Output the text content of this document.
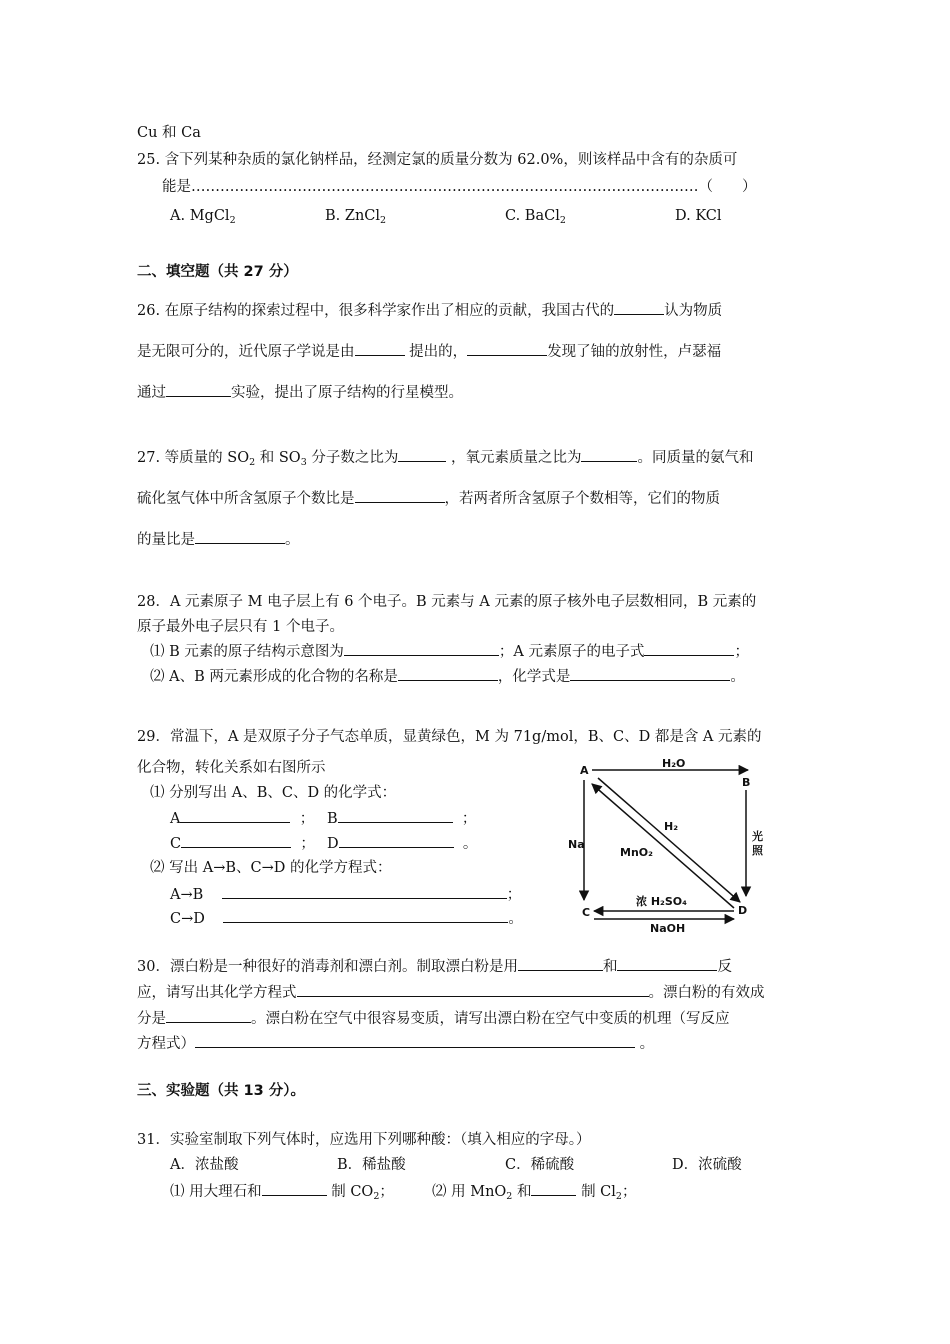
Cu 和 Ca
25. 含下列某种杂质的氯化钠样品，经测定氯的质量分数为 62.0%，则该样品中含有的杂质可
能是……………………………………………………………………………………………（　　）
A. MgCl$_2$	B. ZnCl$_2$	C. BaCl$_2$	D. KCl
二、填空题（共 27 分）
26. 在原子结构的探索过程中，很多科学家作出了相应的贡献，我国古代的	认为物质
是无限可分的，近代原子学说是由	提出的，	发现了铀的放射性，卢瑟福
通过	实验，提出了原子结构的行星模型。
27. 等质量的 $SO_2$ 和 $SO_3$ 分子数之比为	，氧元素质量之比为	。同质量的氨气和
硫化氢气体中所含氢原子个数比是	，若两者所含氢原子个数相等，它们的物质
的量比是	。
28．A 元素原子 M 电子层上有 6 个电子。B 元素与 A 元素的原子核外电子层数相同，B 元素的
原子最外电子层只有 1 个电子。
⑴ B 元素的原子结构示意图为	；A 元素原子的电子式	；
⑵ A、B 两元素形成的化合物的名称是	，化学式是	。
29．常温下，A 是双原子分子气态单质，显黄绿色，M 为 71g/mol，B、C、D 都是含 A 元素的
化合物，转化关系如右图所示
⑴ 分别写出 A、B、C、D 的化学式：
A	； B	；
C	； D	。
⑵ 写出 A→B、C→D 的化学方程式：
A→B	；
C→D	。
A
B
C	D
H₂O
光
照
Na
H₂
MnO₂
浓 H₂SO₄
NaOH
30．漂白粉是一种很好的消毒剂和漂白剂。制取漂白粉是用	和	反
应，请写出其化学方程式	。漂白粉的有效成
分是	。漂白粉在空气中很容易变质，请写出漂白粉在空气中变质的机理（写反应
方程式）	。
三、实验题（共 13 分）。
31．实验室制取下列气体时，应选用下列哪种酸：（填入相应的字母。）
A．浓盐酸	B．稀盐酸	C．稀硫酸	D．浓硫酸
⑴ 用大理石和	制 $CO_2$；	⑵ 用 MnO$_2$ 和	制 $Cl_2$；
